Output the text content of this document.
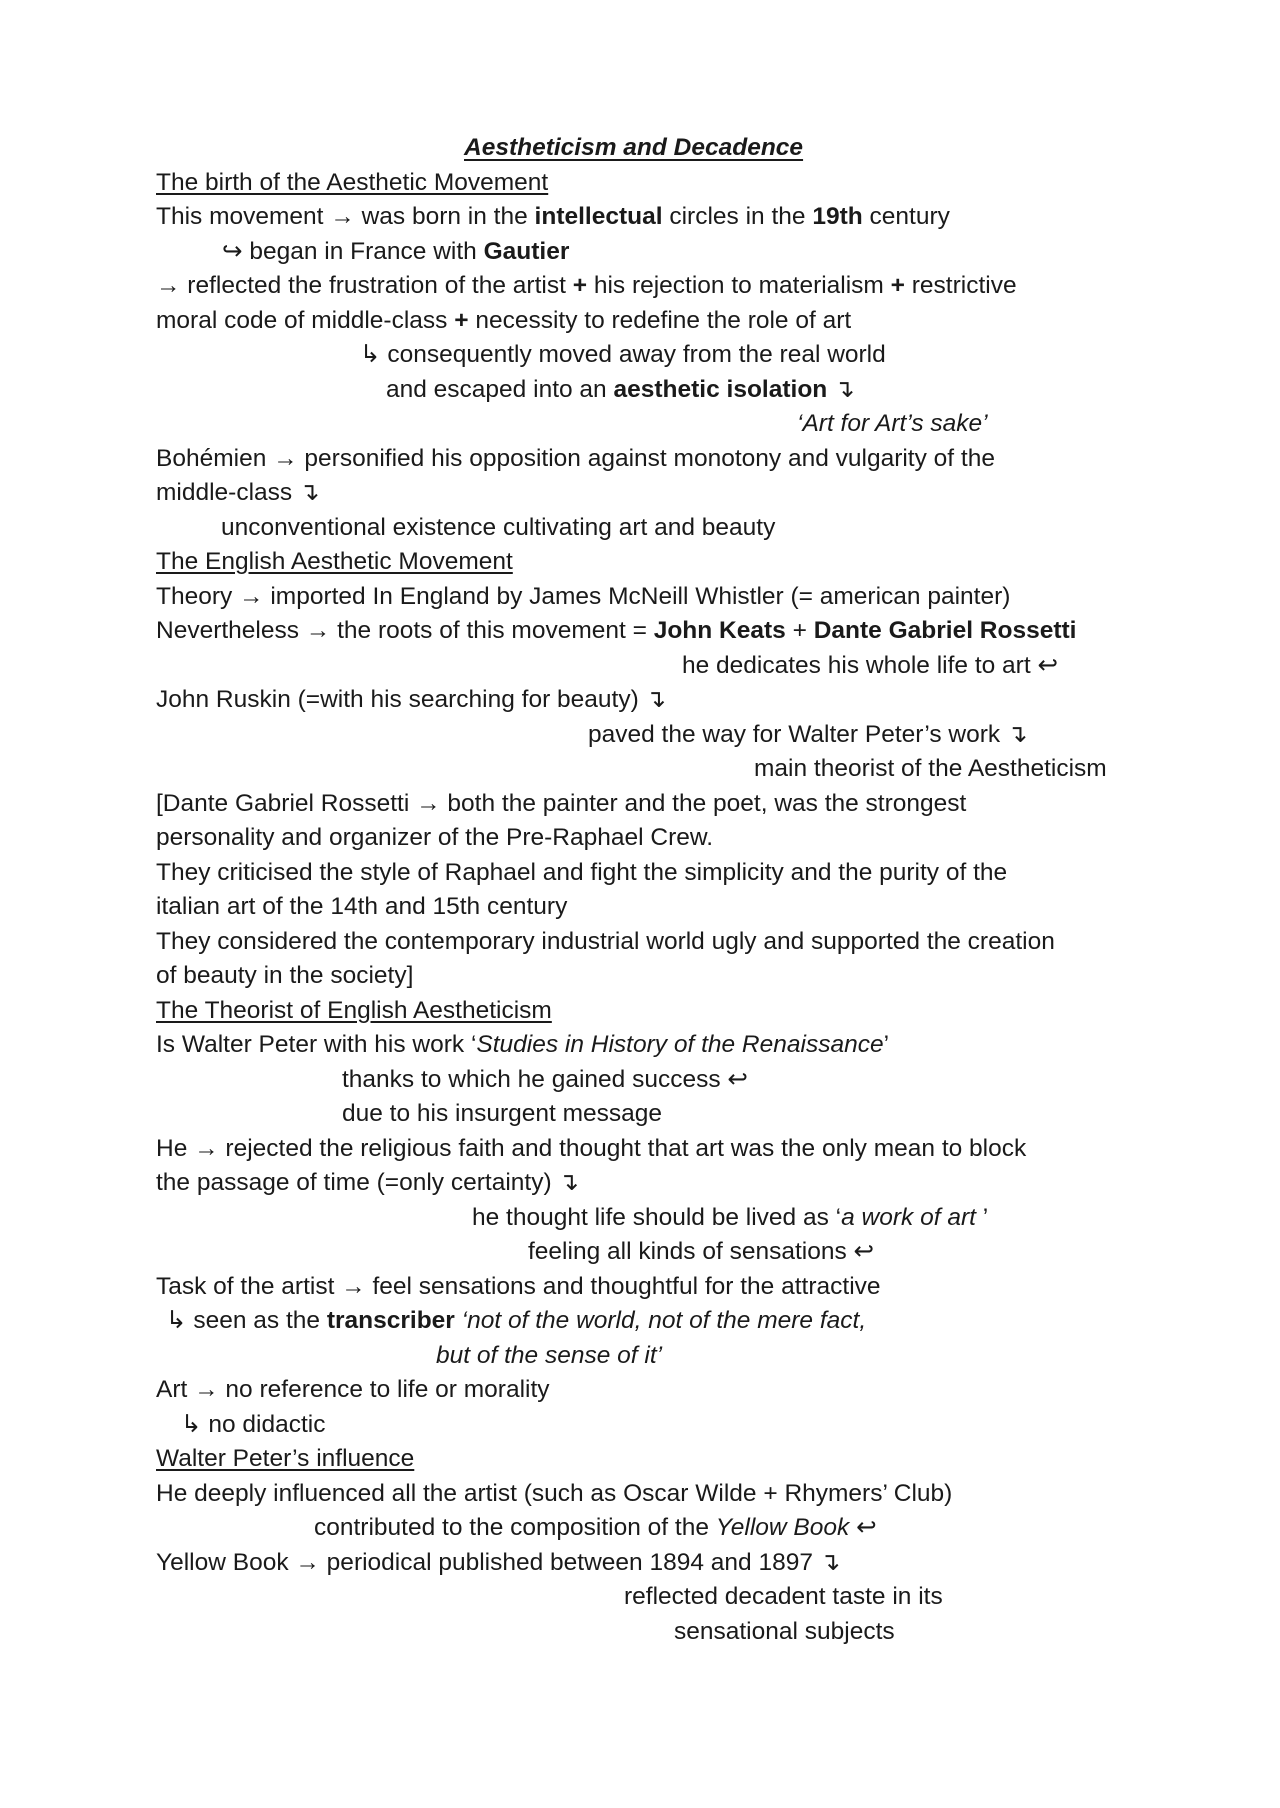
Aestheticism and Decadence
The birth of the Aesthetic Movement
This movement → was born in the intellectual circles in the 19th century
↪ began in France with Gautier
→ reflected the frustration of the artist + his rejection to materialism + restrictive
moral code of middle-class + necessity to redefine the role of art
↳ consequently moved away from the real world
and escaped into an aesthetic isolation ↴
‘Art for Art’s sake’
Bohémien → personified his opposition against monotony and vulgarity of the
middle-class ↴
unconventional existence cultivating art and beauty
The English Aesthetic Movement
Theory → imported In England by James McNeill Whistler (= american painter)
Nevertheless → the roots of this movement = John Keats + Dante Gabriel Rossetti
he dedicates his whole life to art ↩
John Ruskin (=with his searching for beauty) ↴
paved the way for Walter Peter’s work ↴
main theorist of the Aestheticism
[Dante Gabriel Rossetti → both the painter and the poet, was the strongest
personality and organizer of the Pre-Raphael Crew.
They criticised the style of Raphael and fight the simplicity and the purity of the
italian art of the 14th and 15th century
They considered the contemporary industrial world ugly and supported the creation
of beauty in the society]
The Theorist of English Aestheticism
Is Walter Peter with his work ‘Studies in History of the Renaissance’
thanks to which he gained success ↩
due to his insurgent message
He → rejected the religious faith and thought that art was the only mean to block
the passage of time (=only certainty) ↴
he thought life should be lived as ‘a work of art ’
feeling all kinds of sensations ↩
Task of the artist → feel sensations and thoughtful for the attractive
↳ seen as the transcriber ‘not of the world, not of the mere fact,
but of the sense of it’
Art → no reference to life or morality
↳ no didactic
Walter Peter’s influence
He deeply influenced all the artist (such as Oscar Wilde + Rhymers’ Club)
contributed to the composition of the Yellow Book ↩
Yellow Book → periodical published between 1894 and 1897 ↴
reflected decadent taste in its
sensational subjects
